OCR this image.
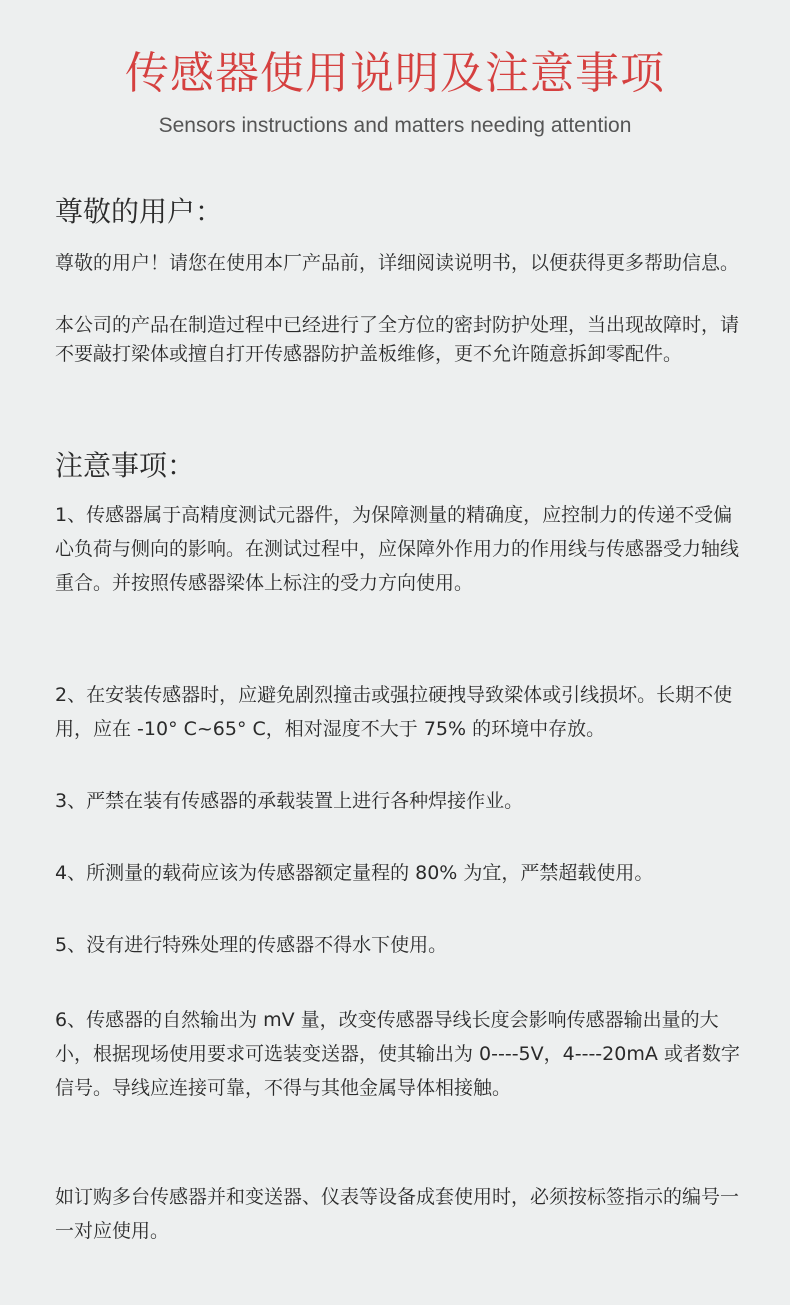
传感器使用说明及注意事项
Sensors instructions and matters needing attention
尊敬的用户：

尊敬的用户！请您在使用本厂产品前，详细阅读说明书，以便获得更多帮助信息。

本公司的产品在制造过程中已经进行了全方位的密封防护处理，当出现故障时，请不要敲打梁体或擅自打开传感器防护盖板维修，更不允许随意拆卸零配件。

注意事项：

1、传感器属于高精度测试元器件，为保障测量的精确度，应控制力的传递不受偏心负荷与侧向的影响。在测试过程中，应保障外作用力的作用线与传感器受力轴线重合。并按照传感器梁体上标注的受力方向使用。

2、在安装传感器时，应避免剧烈撞击或强拉硬拽导致梁体或引线损坏。长期不使用，应在 -10° C~65° C，相对湿度不大于 75% 的环境中存放。

3、严禁在装有传感器的承载装置上进行各种焊接作业。

4、所测量的载荷应该为传感器额定量程的 80% 为宜，严禁超载使用。

5、没有进行特殊处理的传感器不得水下使用。

6、传感器的自然输出为 mV 量，改变传感器导线长度会影响传感器输出量的大小，根据现场使用要求可选装变送器，使其输出为 0----5V，4----20mA 或者数字信号。导线应连接可靠，不得与其他金属导体相接触。

如订购多台传感器并和变送器、仪表等设备成套使用时，必须按标签指示的编号一一对应使用。
